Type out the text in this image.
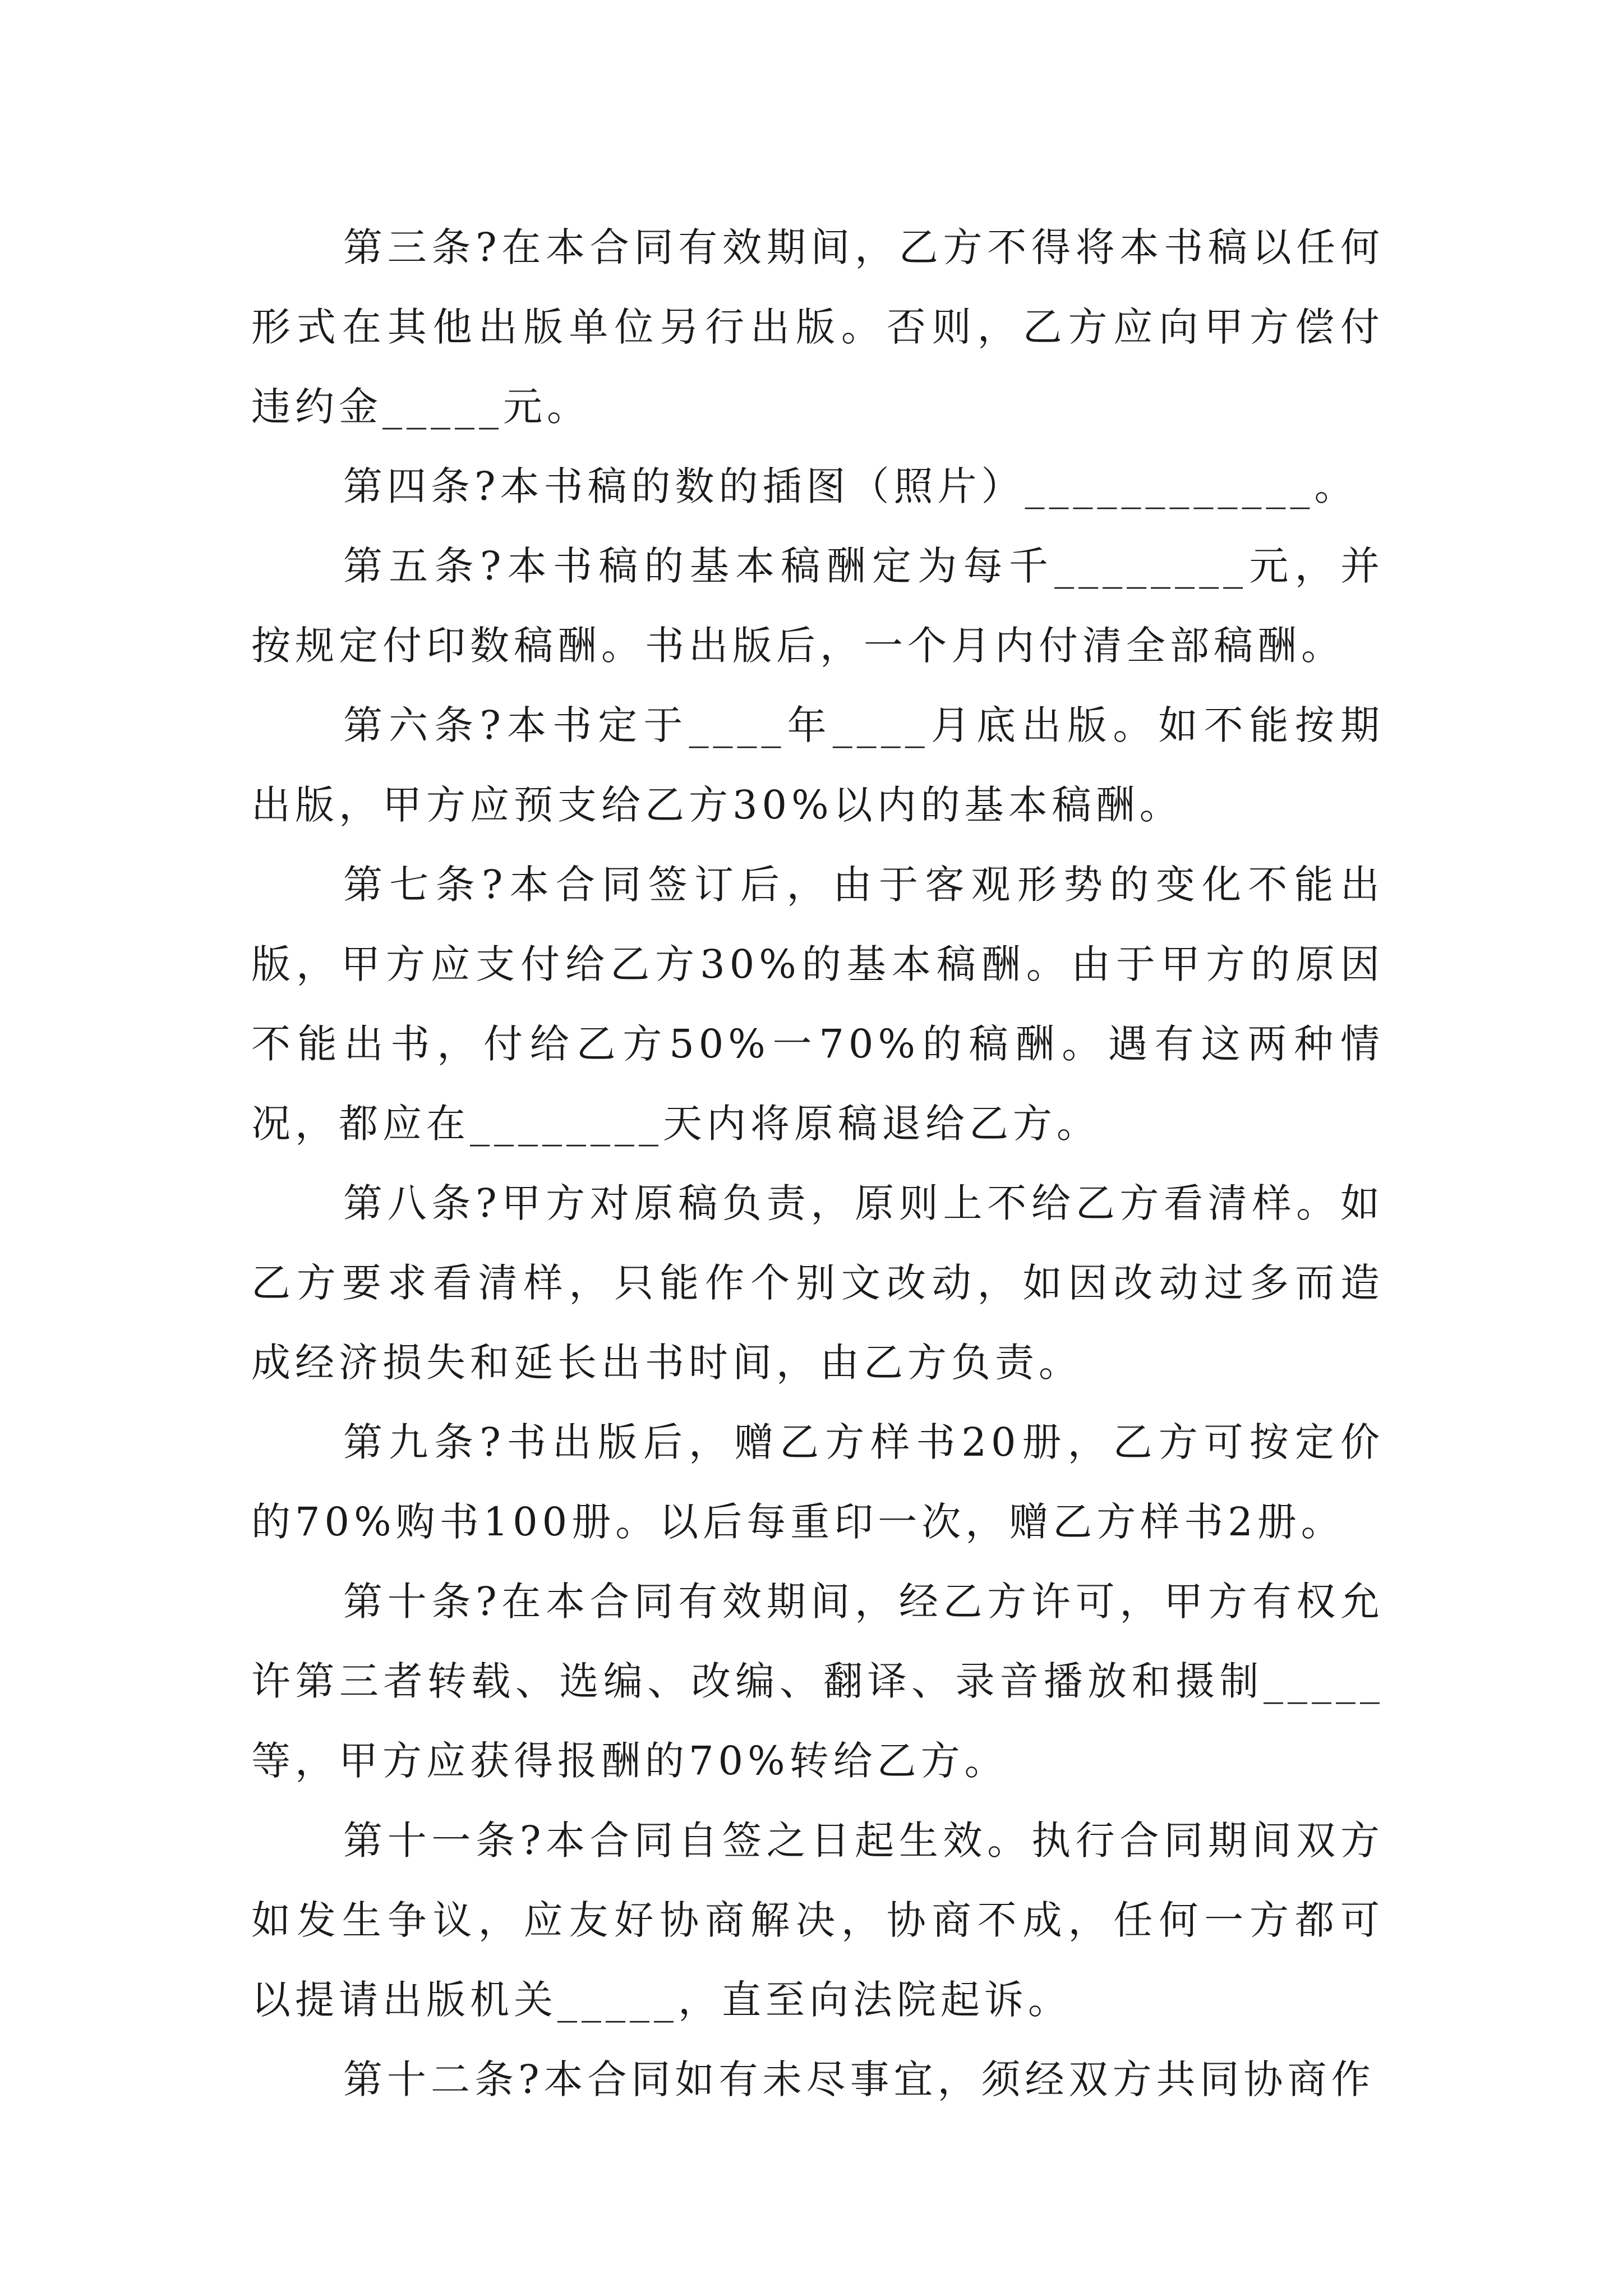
第三条?在本合同有效期间，乙方不得将本书稿以任何形式在其他出版单位另行出版。否则，乙方应向甲方偿付违约金_____元。

第四条?本书稿的数的插图（照片）____________。

第五条?本书稿的基本稿酬定为每千________元，并按规定付印数稿酬。书出版后，一个月内付清全部稿酬。

第六条?本书定于____年____月底出版。如不能按期出版，甲方应预支给乙方30%以内的基本稿酬。

第七条?本合同签订后，由于客观形势的变化不能出版，甲方应支付给乙方30%的基本稿酬。由于甲方的原因不能出书，付给乙方50%一70%的稿酬。遇有这两种情况，都应在________天内将原稿退给乙方。

第八条?甲方对原稿负责，原则上不给乙方看清样。如乙方要求看清样，只能作个别文改动，如因改动过多而造成经济损失和延长出书时间，由乙方负责。

第九条?书出版后，赠乙方样书20册，乙方可按定价的70%购书100册。以后每重印一次，赠乙方样书2册。

第十条?在本合同有效期间，经乙方许可，甲方有权允许第三者转载、选编、改编、翻译、录音播放和摄制_____等，甲方应获得报酬的70%转给乙方。

第十一条?本合同自签之日起生效。执行合同期间双方如发生争议，应友好协商解决，协商不成，任何一方都可以提请出版机关_____，直至向法院起诉。

第十二条?本合同如有未尽事宜，须经双方共同协商作
